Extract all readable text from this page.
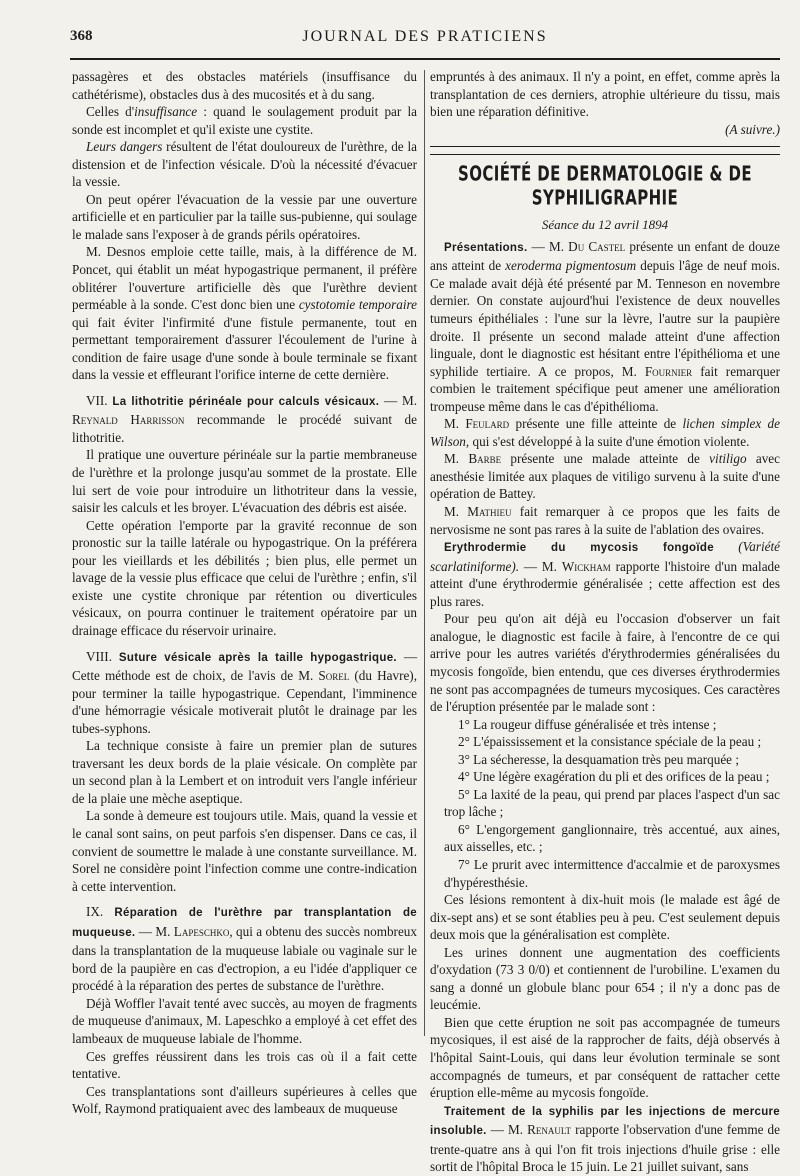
368	JOURNAL DES PRATICIENS

passagères et des obstacles matériels (insuffisance du cathétérisme), obstacles dus à des mucosités et à du sang.

Celles d'insuffisance : quand le soulagement produit par la sonde est incomplet et qu'il existe une cystite.

Leurs dangers résultent de l'état douloureux de l'urèthre, de la distension et de l'infection vésicale. D'où la nécessité d'évacuer la vessie.

On peut opérer l'évacuation de la vessie par une ouverture artificielle et en particulier par la taille sus-pubienne, qui soulage le malade sans l'exposer à de grands périls opératoires.

M. Desnos emploie cette taille, mais, à la différence de M. Poncet, qui établit un méat hypogastrique permanent, il préfère oblitérer l'ouverture artificielle dès que l'urèthre devient perméable à la sonde. C'est donc bien une cystotomie temporaire qui fait éviter l'infirmité d'une fistule permanente, tout en permettant temporairement d'assurer l'écoulement de l'urine à condition de faire usage d'une sonde à boule terminale se fixant dans la vessie et effleurant l'orifice interne de cette dernière.

VII. La lithotritie périnéale pour calculs vésicaux. — M. Reynald Harrisson recommande le procédé suivant de lithotritie.

Il pratique une ouverture périnéale sur la partie membraneuse de l'urèthre et la prolonge jusqu'au sommet de la prostate. Elle lui sert de voie pour introduire un lithotriteur dans la vessie, saisir les calculs et les broyer. L'évacuation des débris est aisée.

Cette opération l'emporte par la gravité reconnue de son pronostic sur la taille latérale ou hypogastrique. On la préférera pour les vieillards et les débilités ; bien plus, elle permet un lavage de la vessie plus efficace que celui de l'urèthre ; enfin, s'il existe une cystite chronique par rétention ou diverticules vésicaux, on pourra continuer le traitement opératoire par un drainage efficace du réservoir urinaire.

VIII. Suture vésicale après la taille hypogastrique. — Cette méthode est de choix, de l'avis de M. Sorel (du Havre), pour terminer la taille hypogastrique. Cependant, l'imminence d'une hémorragie vésicale motiverait plutôt le drainage par les tubes-syphons.

La technique consiste à faire un premier plan de sutures traversant les deux bords de la plaie vésicale. On complète par un second plan à la Lembert et on introduit vers l'angle inférieur de la plaie une mèche aseptique.

La sonde à demeure est toujours utile. Mais, quand la vessie et le canal sont sains, on peut parfois s'en dispenser. Dans ce cas, il convient de soumettre le malade à une constante surveillance. M. Sorel ne considère point l'infection comme une contre-indication à cette intervention.

IX. Réparation de l'urèthre par transplantation de muqueuse. — M. Lapeschko, qui a obtenu des succès nombreux dans la transplantation de la muqueuse labiale ou vaginale sur le bord de la paupière en cas d'ectropion, a eu l'idée d'appliquer ce procédé à la réparation des pertes de substance de l'urèthre.

Déjà Woffler l'avait tenté avec succès, au moyen de fragments de muqueuse d'animaux, M. Lapeschko a employé à cet effet des lambeaux de muqueuse labiale de l'homme.

Ces greffes réussirent dans les trois cas où il a fait cette tentative.

Ces transplantations sont d'ailleurs supérieures à celles que Wolf, Raymond pratiquaient avec des lambeaux de muqueuse

empruntés à des animaux. Il n'y a point, en effet, comme après la transplantation de ces derniers, atrophie ultérieure du tissu, mais bien une réparation définitive.

(A suivre.)
SOCIÉTÉ DE DERMATOLOGIE & DE SYPHILIGRAPHIE
Séance du 12 avril 1894

Présentations. — M. Du Castel présente un enfant de douze ans atteint de xeroderma pigmentosum depuis l'âge de neuf mois. Ce malade avait déjà été présenté par M. Tenneson en novembre dernier. On constate aujourd'hui l'existence de deux nouvelles tumeurs épithéliales : l'une sur la lèvre, l'autre sur la paupière droite. Il présente un second malade atteint d'une affection linguale, dont le diagnostic est hésitant entre l'épithélioma et une syphilide tertiaire. A ce propos, M. Fournier fait remarquer combien le traitement spécifique peut amener une amélioration trompeuse même dans le cas d'épithélioma.

M. Feulard présente une fille atteinte de lichen simplex de Wilson, qui s'est développé à la suite d'une émotion violente.

M. Barbe présente une malade atteinte de vitiligo avec anesthésie limitée aux plaques de vitiligo survenu à la suite d'une opération de Battey.

M. Mathieu fait remarquer à ce propos que les faits de nervosisme ne sont pas rares à la suite de l'ablation des ovaires.

Erythrodermie du mycosis fongoïde (Variété scarlatiniforme). — M. Wickham rapporte l'histoire d'un malade atteint d'une érythrodermie généralisée ; cette affection est des plus rares.

Pour peu qu'on ait déjà eu l'occasion d'observer un fait analogue, le diagnostic est facile à faire, à l'encontre de ce qui arrive pour les autres variétés d'érythrodermies généralisées du mycosis fongoïde, bien entendu, que ces diverses érythrodermies ne sont pas accompagnées de tumeurs mycosiques. Ces caractères de l'éruption présentée par le malade sont :

1° La rougeur diffuse généralisée et très intense ;

2° L'épaississement et la consistance spéciale de la peau ;

3° La sécheresse, la desquamation très peu marquée ;

4° Une légère exagération du pli et des orifices de la peau ;

5° La laxité de la peau, qui prend par places l'aspect d'un sac trop lâche ;

6° L'engorgement ganglionnaire, très accentué, aux aines, aux aisselles, etc. ;

7° Le prurit avec intermittence d'accalmie et de paroxysmes d'hypéresthésie.

Ces lésions remontent à dix-huit mois (le malade est âgé de dix-sept ans) et se sont établies peu à peu. C'est seulement depuis deux mois que la généralisation est complète.

Les urines donnent une augmentation des coefficients d'oxydation (73 3 0/0) et contiennent de l'urobiline. L'examen du sang a donné un globule blanc pour 654 ; il n'y a donc pas de leucémie.

Bien que cette éruption ne soit pas accompagnée de tumeurs mycosiques, il est aisé de la rapprocher de faits, déjà observés à l'hôpital Saint-Louis, qui dans leur évolution terminale se sont accompagnés de tumeurs, et par conséquent de rattacher cette éruption elle-même au mycosis fongoïde.

Traitement de la syphilis par les injections de mercure insoluble. — M. Renault rapporte l'observation d'une femme de trente-quatre ans à qui l'on fit trois injections d'huile grise : elle sortit de l'hôpital Broca le 15 juin. Le 21 juillet suivant, sans
